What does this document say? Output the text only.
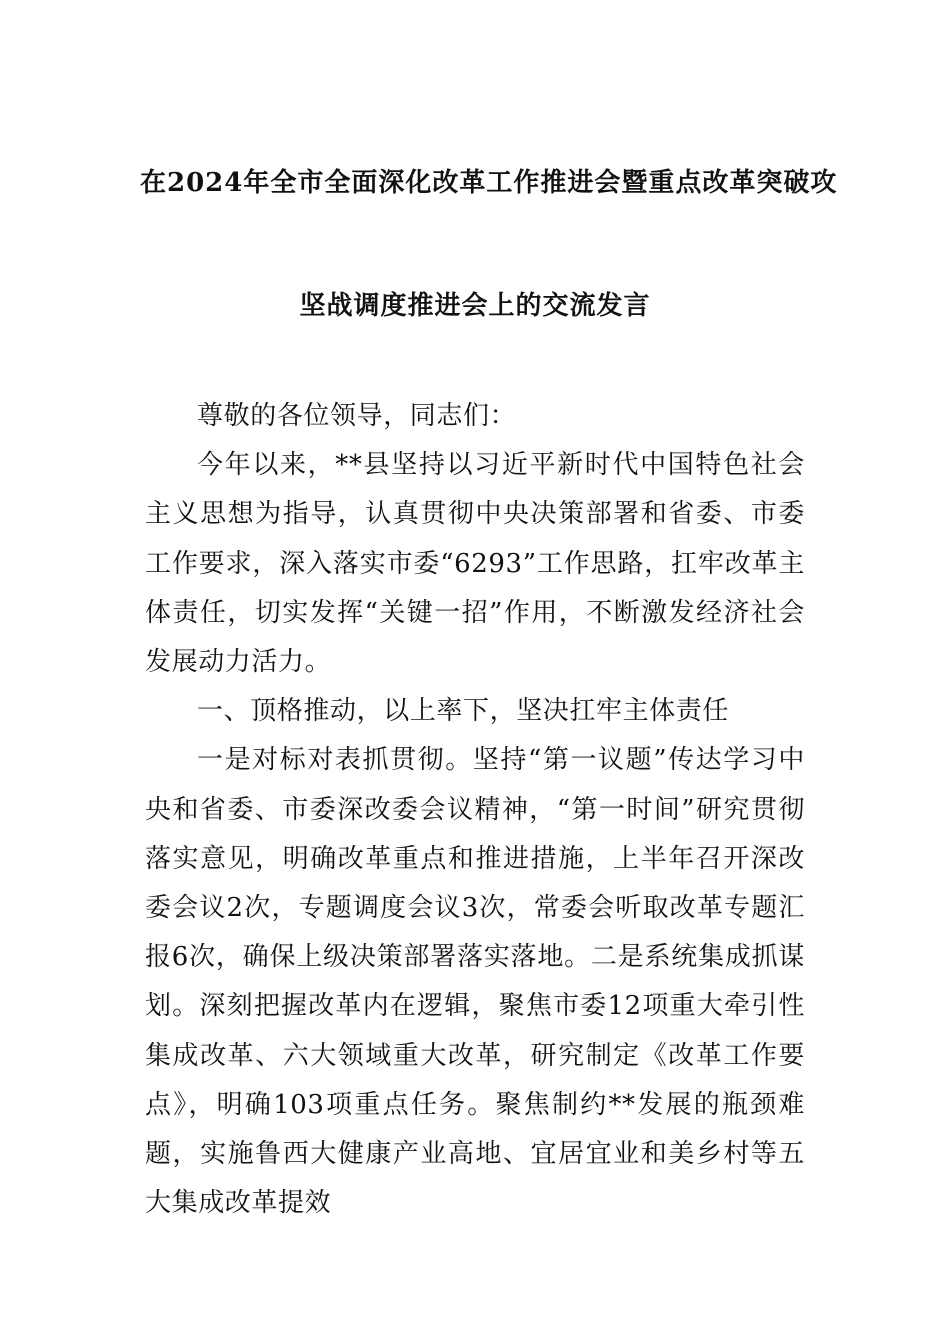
在2024年全市全面深化改革工作推进会暨重点改革突破攻
坚战调度推进会上的交流发言

尊敬的各位领导，同志们：

今年以来，**县坚持以习近平新时代中国特色社会主义思想为指导，认真贯彻中央决策部署和省委、市委工作要求，深入落实市委“6293”工作思路，扛牢改革主体责任，切实发挥“关键一招”作用，不断激发经济社会发展动力活力。

一、顶格推动，以上率下，坚决扛牢主体责任

一是对标对表抓贯彻。坚持“第一议题”传达学习中央和省委、市委深改委会议精神，“第一时间”研究贯彻落实意见，明确改革重点和推进措施，上半年召开深改委会议2次，专题调度会议3次，常委会听取改革专题汇报6次，确保上级决策部署落实落地。二是系统集成抓谋划。深刻把握改革内在逻辑，聚焦市委12项重大牵引性集成改革、六大领域重大改革，研究制定《改革工作要点》，明确103项重点任务。聚焦制约**发展的瓶颈难题，实施鲁西大健康产业高地、宜居宜业和美乡村等五大集成改革提效
